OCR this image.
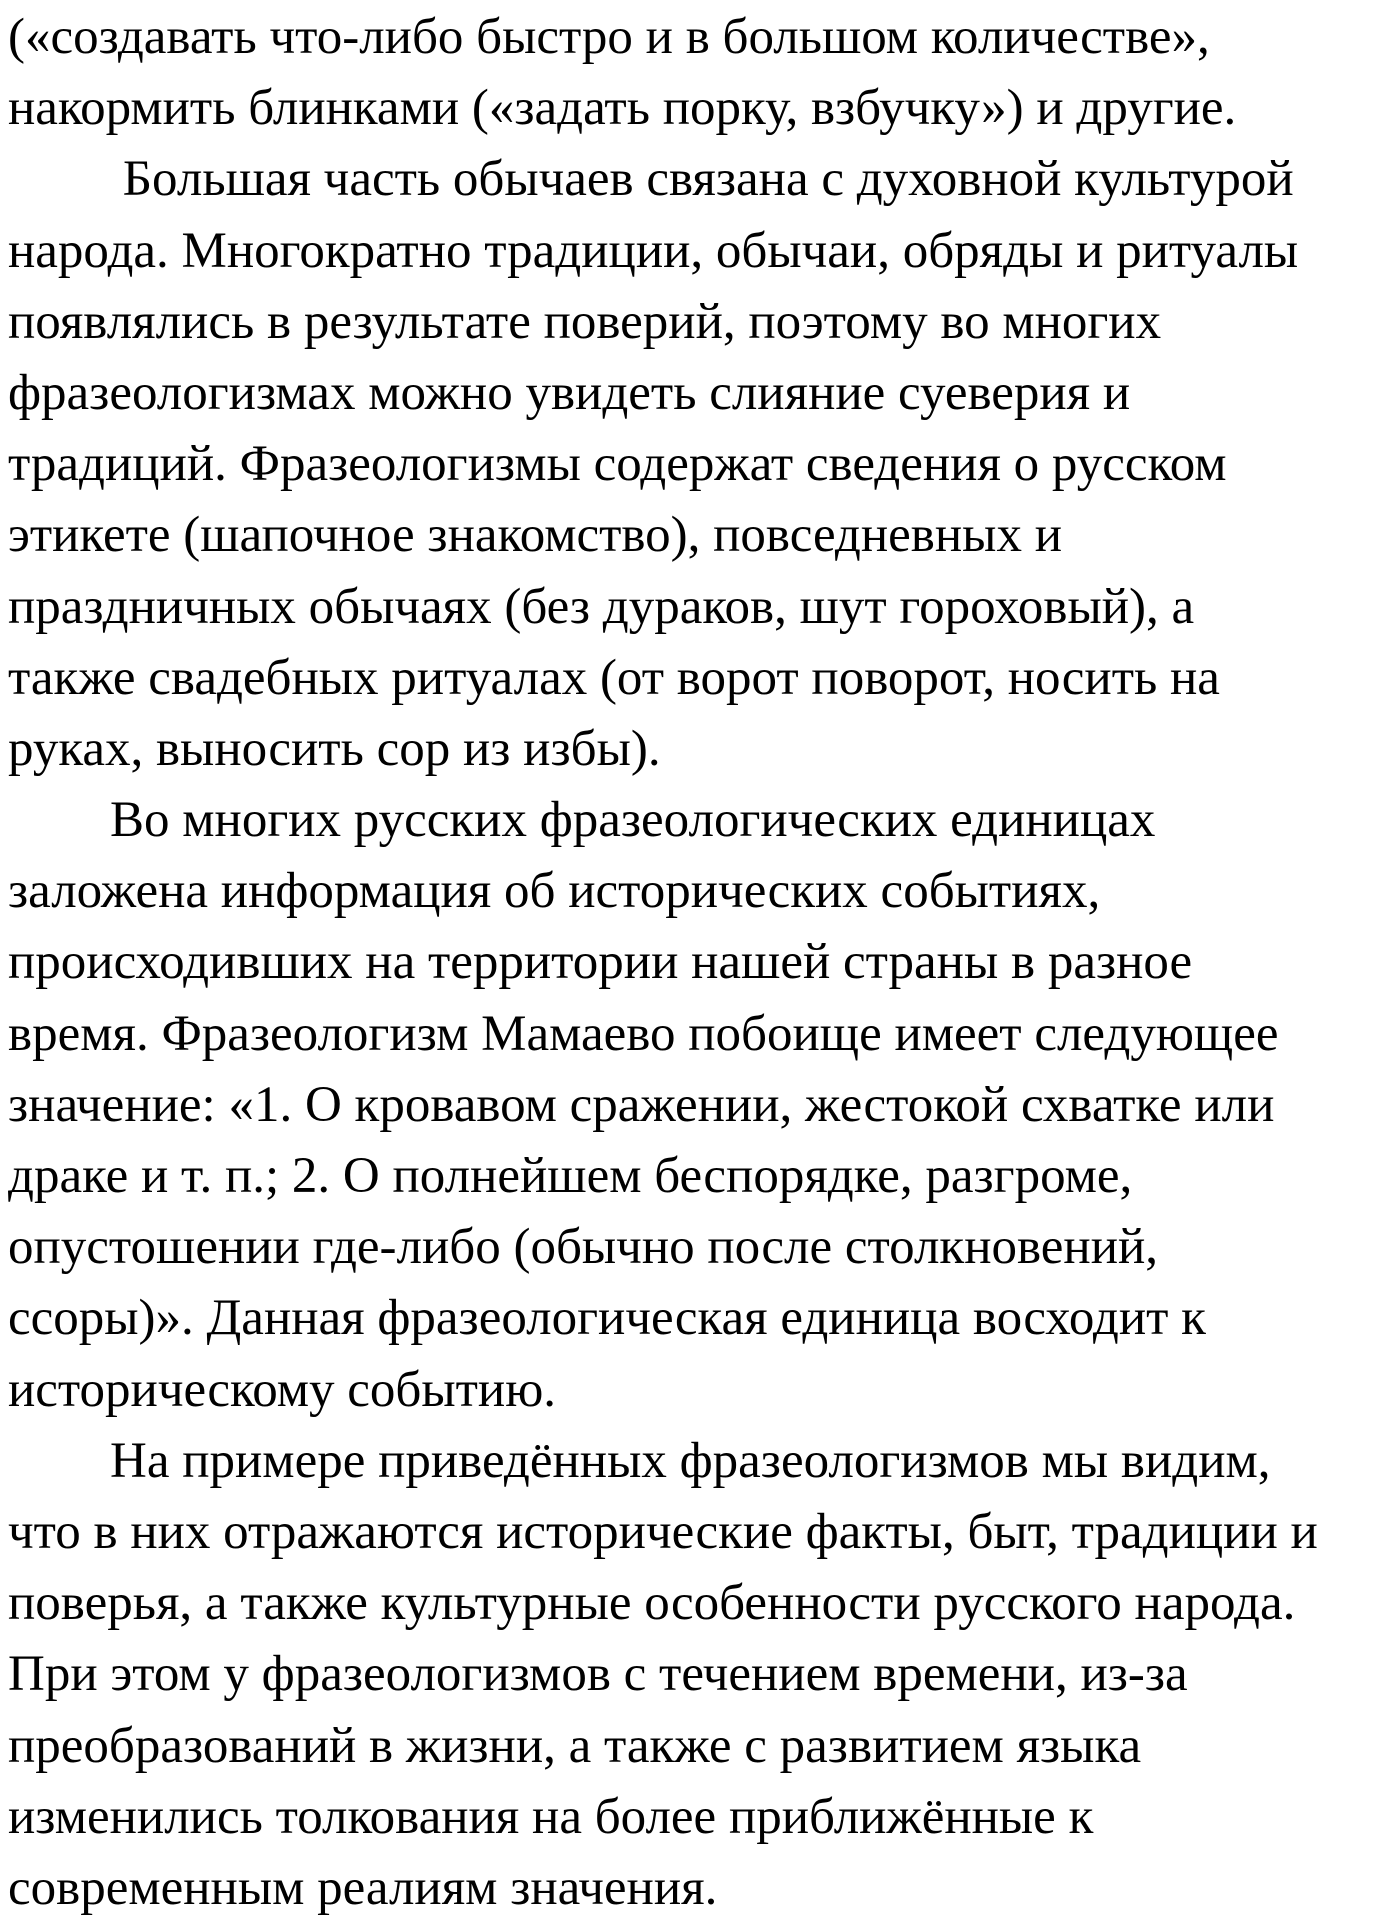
(«создавать что-либо быстро и в большом количестве»,
накормить блинками («задать порку, взбучку») и другие.
Большая часть обычаев связана с духовной культурой
народа. Многократно традиции, обычаи, обряды и ритуалы
появлялись в результате поверий, поэтому во многих
фразеологизмах можно увидеть слияние суеверия и
традиций. Фразеологизмы содержат сведения о русском
этикете (шапочное знакомство), повседневных и
праздничных обычаях (без дураков, шут гороховый), а
также свадебных ритуалах (от ворот поворот, носить на
руках, выносить сор из избы).
Во многих русских фразеологических единицах
заложена информация об исторических событиях,
происходивших на территории нашей страны в разное
время. Фразеологизм Мамаево побоище имеет следующее
значение: «1. О кровавом сражении, жестокой схватке или
драке и т. п.; 2. О полнейшем беспорядке, разгроме,
опустошении где-либо (обычно после столкновений,
ссоры)». Данная фразеологическая единица восходит к
историческому событию.
На примере приведённых фразеологизмов мы видим,
что в них отражаются исторические факты, быт, традиции и
поверья, а также культурные особенности русского народа.
При этом у фразеологизмов с течением времени, из-за
преобразований в жизни, а также с развитием языка
изменились толкования на более приближённые к
современным реалиям значения.
